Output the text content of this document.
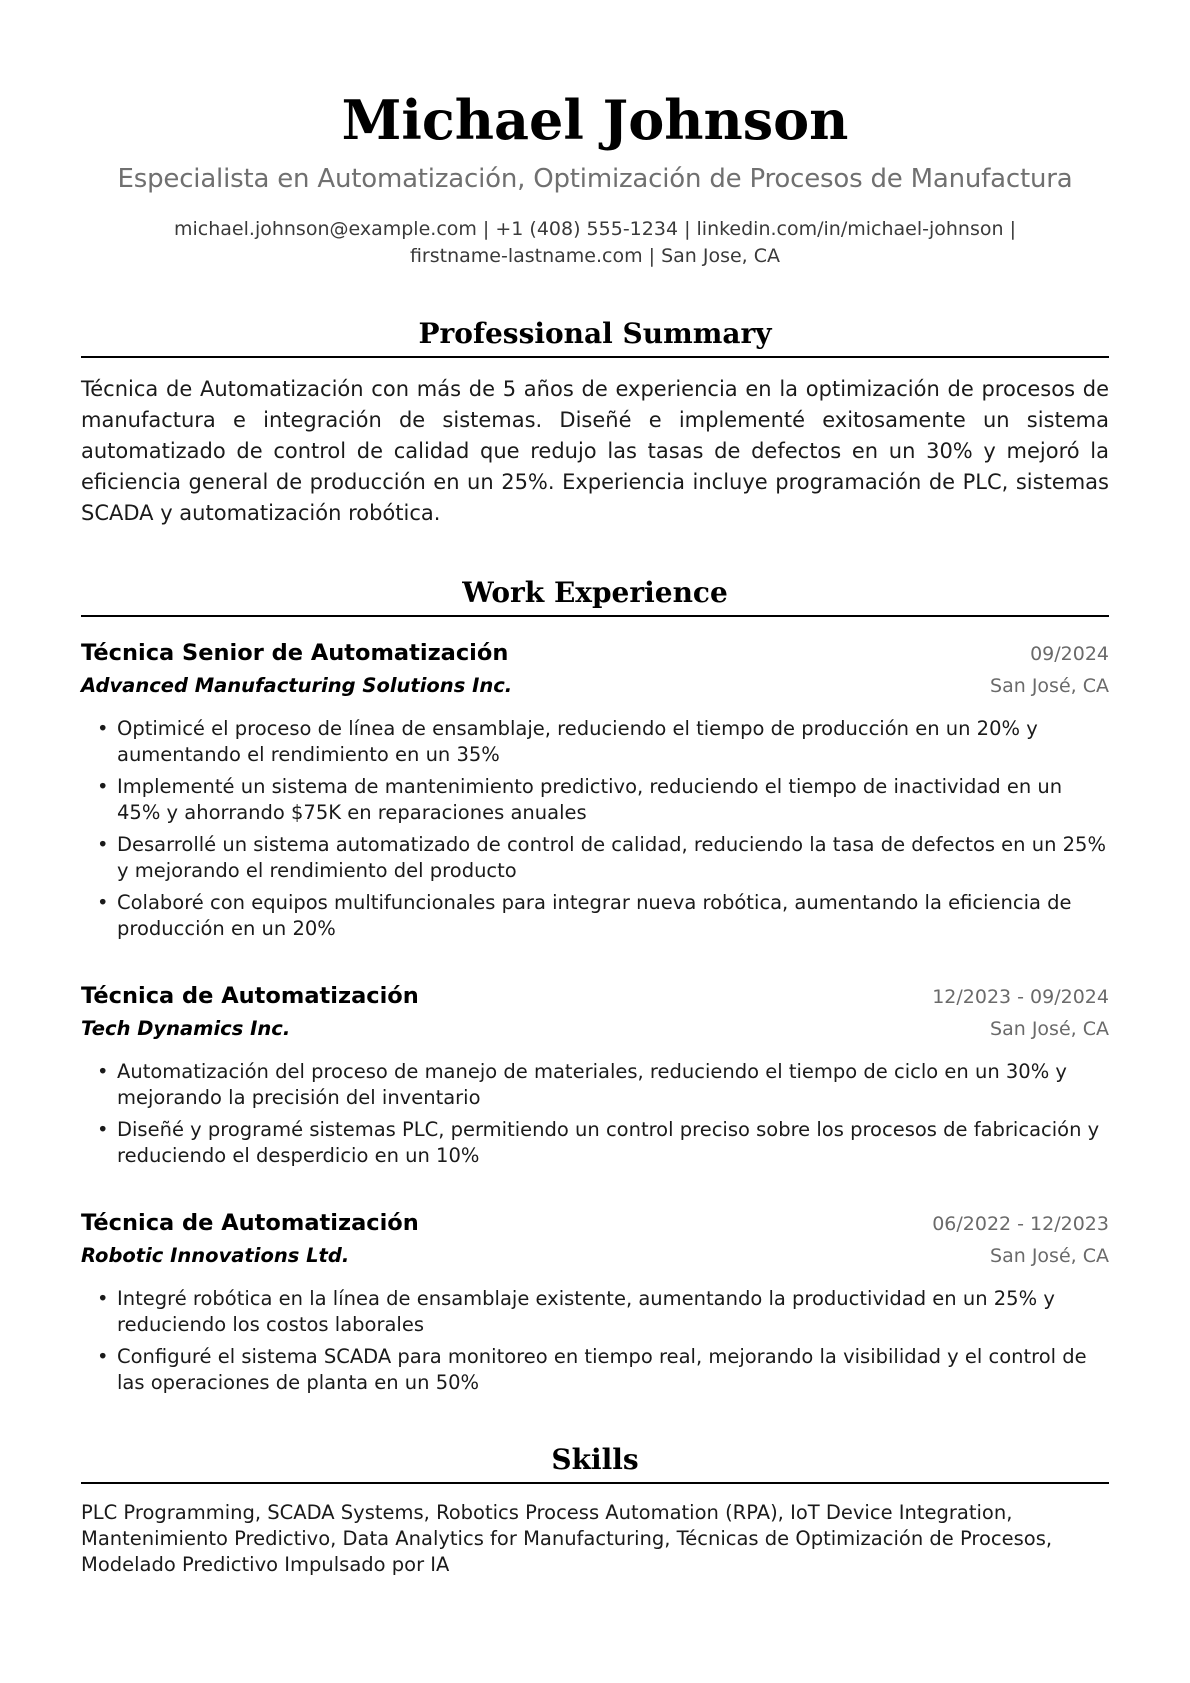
Michael Johnson
Especialista en Automatización, Optimización de Procesos de Manufactura
michael.johnson@example.com | +1 (408) 555-1234 | linkedin.com/in/michael-johnson |
firstname-lastname.com | San Jose, CA
Professional Summary
Técnica de Automatización con más de 5 años de experiencia en la optimización de procesos de manufactura e integración de sistemas. Diseñé e implementé exitosamente un sistema automatizado de control de calidad que redujo las tasas de defectos en un 30% y mejoró la eficiencia general de producción en un 25%. Experiencia incluye programación de PLC, sistemas SCADA y automatización robótica.
Work Experience
Técnica Senior de Automatización	09/2024
Advanced Manufacturing Solutions Inc.	San José, CA
• Optimicé el proceso de línea de ensamblaje, reduciendo el tiempo de producción en un 20% y aumentando el rendimiento en un 35%
• Implementé un sistema de mantenimiento predictivo, reduciendo el tiempo de inactividad en un 45% y ahorrando $75K en reparaciones anuales
• Desarrollé un sistema automatizado de control de calidad, reduciendo la tasa de defectos en un 25% y mejorando el rendimiento del producto
• Colaboré con equipos multifuncionales para integrar nueva robótica, aumentando la eficiencia de producción en un 20%
Técnica de Automatización	12/2023 - 09/2024
Tech Dynamics Inc.	San José, CA
• Automatización del proceso de manejo de materiales, reduciendo el tiempo de ciclo en un 30% y mejorando la precisión del inventario
• Diseñé y programé sistemas PLC, permitiendo un control preciso sobre los procesos de fabricación y reduciendo el desperdicio en un 10%
Técnica de Automatización	06/2022 - 12/2023
Robotic Innovations Ltd.	San José, CA
• Integré robótica en la línea de ensamblaje existente, aumentando la productividad en un 25% y reduciendo los costos laborales
• Configuré el sistema SCADA para monitoreo en tiempo real, mejorando la visibilidad y el control de las operaciones de planta en un 50%
Skills
PLC Programming, SCADA Systems, Robotics Process Automation (RPA), IoT Device Integration, Mantenimiento Predictivo, Data Analytics for Manufacturing, Técnicas de Optimización de Procesos, Modelado Predictivo Impulsado por IA
